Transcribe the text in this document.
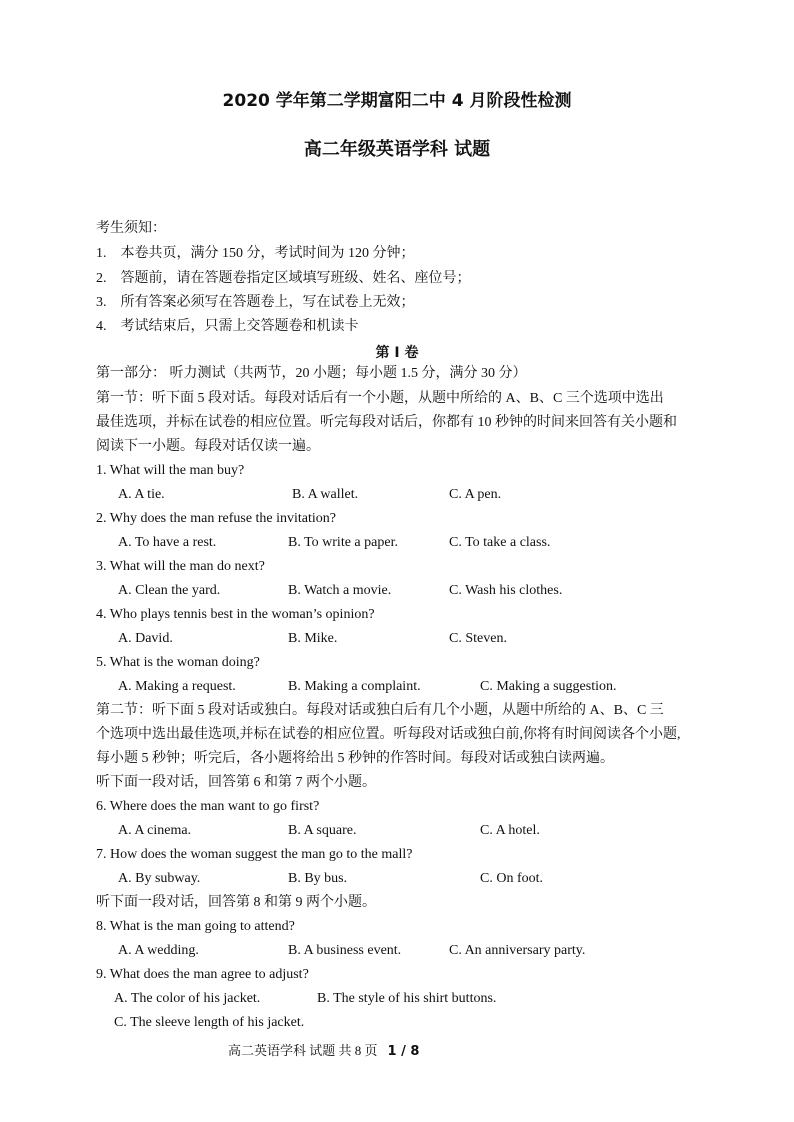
2020 学年第二学期富阳二中 4 月阶段性检测
高二年级英语学科 试题
考生须知：
1. 本卷共页，满分 150 分，考试时间为 120 分钟；
2. 答题前，请在答题卷指定区域填写班级、姓名、座位号；
3. 所有答案必须写在答题卷上，写在试卷上无效；
4. 考试结束后，只需上交答题卷和机读卡
第 I 卷
第一部分： 听力测试（共两节，20 小题；每小题 1.5 分，满分 30 分）
第一节：听下面 5 段对话。每段对话后有一个小题，从题中所给的 A、B、C 三个选项中选出
最佳选项，并标在试卷的相应位置。听完每段对话后，你都有 10 秒钟的时间来回答有关小题和
阅读下一小题。每段对话仅读一遍。
1. What will the man buy?
A. A tie.	B. A wallet.	C. A pen.
2. Why does the man refuse the invitation?
A. To have a rest.	B. To write a paper.	C. To take a class.
3. What will the man do next?
A. Clean the yard.	B. Watch a movie.	C. Wash his clothes.
4. Who plays tennis best in the woman’s opinion?
A. David.	B. Mike.	C. Steven.
5. What is the woman doing?
A. Making a request.	B. Making a complaint.	C. Making a suggestion.
第二节：听下面 5 段对话或独白。每段对话或独白后有几个小题，从题中所给的 A、B、C 三
个选项中选出最佳选项,并标在试卷的相应位置。听每段对话或独白前,你将有时间阅读各个小题,
每小题 5 秒钟；听完后，各小题将给出 5 秒钟的作答时间。每段对话或独白读两遍。
听下面一段对话，回答第 6 和第 7 两个小题。
6. Where does the man want to go first?
A. A cinema.	B. A square.	C. A hotel.
7. How does the woman suggest the man go to the mall?
A. By subway.	B. By bus.	C. On foot.
听下面一段对话，回答第 8 和第 9 两个小题。
8. What is the man going to attend?
A. A wedding.	B. A business event.	C. An anniversary party.
9. What does the man agree to adjust?
A. The color of his jacket.	B. The style of his shirt buttons.
C. The sleeve length of his jacket.
高二英语学科 试题 共 8 页 1 / 8
